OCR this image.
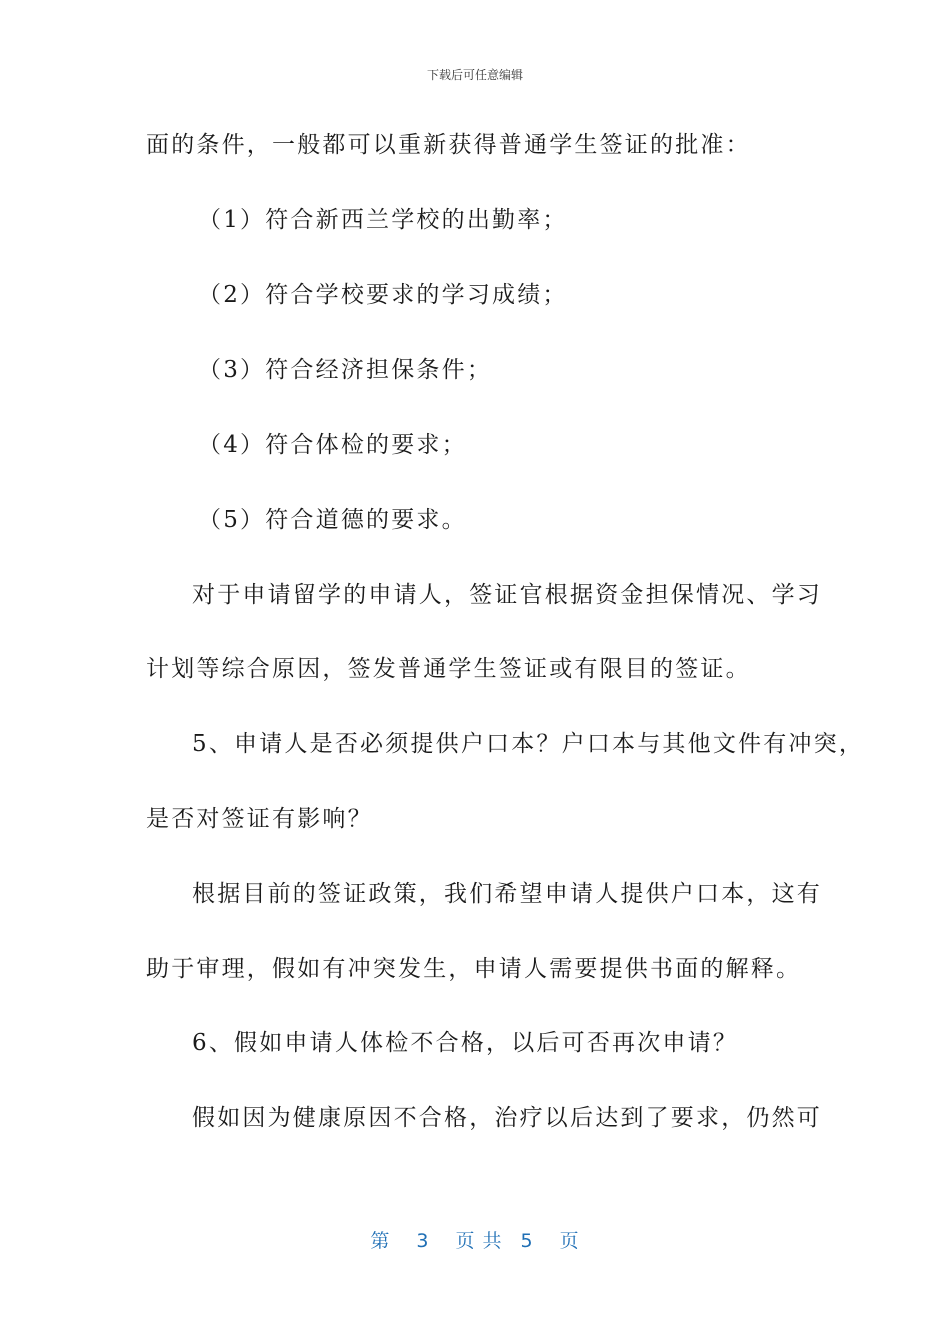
下载后可任意编辑
面的条件，一般都可以重新获得普通学生签证的批准：
（1）符合新西兰学校的出勤率；
（2）符合学校要求的学习成绩；
（3）符合经济担保条件；
（4）符合体检的要求；
（5）符合道德的要求。
对于申请留学的申请人，签证官根据资金担保情况、学习
计划等综合原因，签发普通学生签证或有限目的签证。
5、申请人是否必须提供户口本？户口本与其他文件有冲突，
是否对签证有影响？
根据目前的签证政策，我们希望申请人提供户口本，这有
助于审理，假如有冲突发生，申请人需要提供书面的解释。
6、假如申请人体检不合格，以后可否再次申请？
假如因为健康原因不合格，治疗以后达到了要求，仍然可
第 3 页 共 5 页
